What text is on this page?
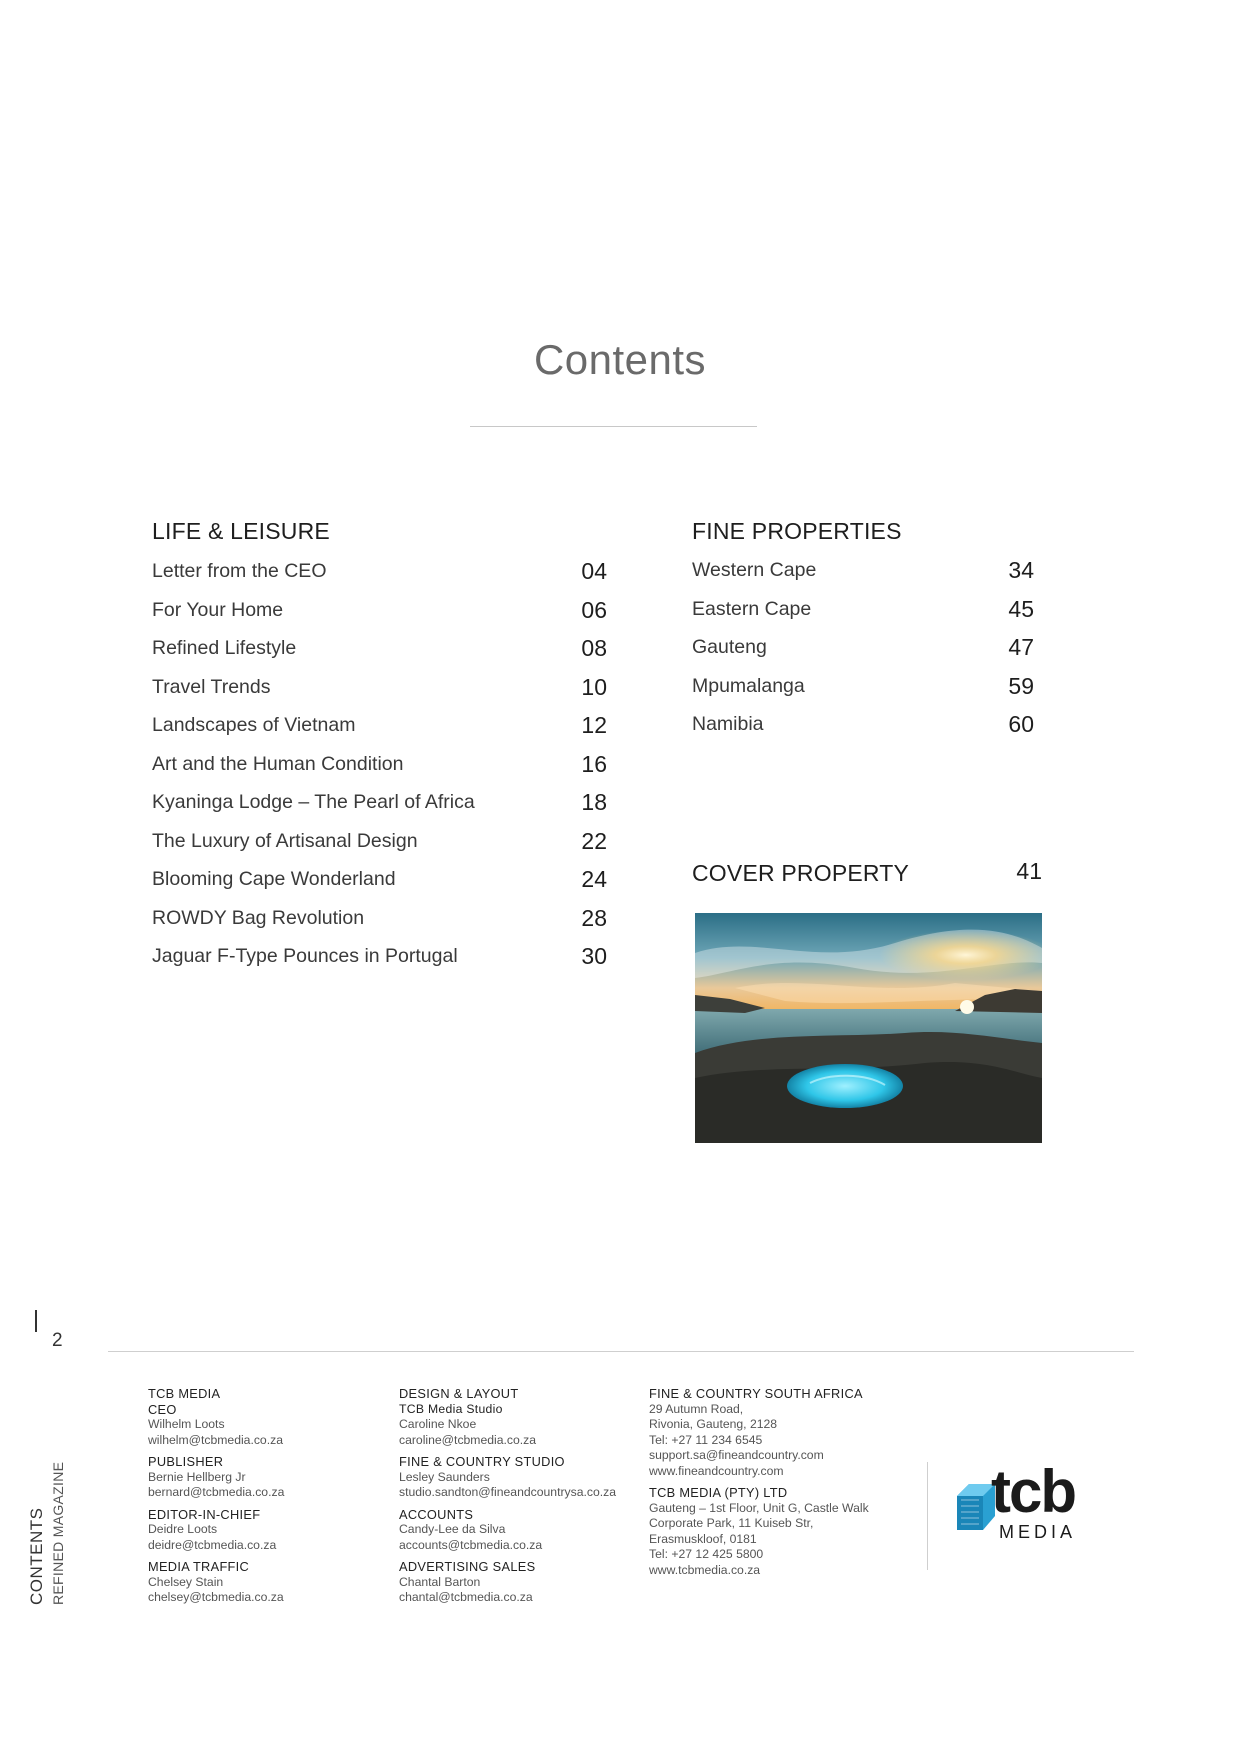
Contents
LIFE & LEISURE
Letter from the CEO	04
For Your Home	06
Refined Lifestyle	08
Travel Trends	10
Landscapes of Vietnam	12
Art and the Human Condition	16
Kyaninga Lodge – The Pearl of Africa	18
The Luxury of Artisanal Design	22
Blooming Cape Wonderland	24
ROWDY Bag Revolution	28
Jaguar F-Type Pounces in Portugal	30
FINE PROPERTIES
Western Cape	34
Eastern Cape	45
Gauteng	47
Mpumalanga	59
Namibia	60
COVER PROPERTY	41
CONTENTS REFINED MAGAZINE
2
TCB MEDIA
CEO
Wilhelm Loots
wilhelm@tcbmedia.co.za
PUBLISHER
Bernie Hellberg Jr
bernard@tcbmedia.co.za
EDITOR-IN-CHIEF
Deidre Loots
deidre@tcbmedia.co.za
MEDIA TRAFFIC
Chelsey Stain
chelsey@tcbmedia.co.za
DESIGN & LAYOUT
TCB Media Studio
Caroline Nkoe
caroline@tcbmedia.co.za
FINE & COUNTRY STUDIO
Lesley Saunders
studio.sandton@fineandcountrysa.co.za
ACCOUNTS
Candy-Lee da Silva
accounts@tcbmedia.co.za
ADVERTISING SALES
Chantal Barton
chantal@tcbmedia.co.za
FINE & COUNTRY SOUTH AFRICA
29 Autumn Road,
Rivonia, Gauteng, 2128
Tel: +27 11 234 6545
support.sa@fineandcountry.com
www.fineandcountry.com
TCB MEDIA (PTY) LTD
Gauteng – 1st Floor, Unit G, Castle Walk
Corporate Park, 11 Kuiseb Str,
Erasmuskloof, 0181
Tel: +27 12 425 5800
www.tcbmedia.co.za
tcb
MEDIA
